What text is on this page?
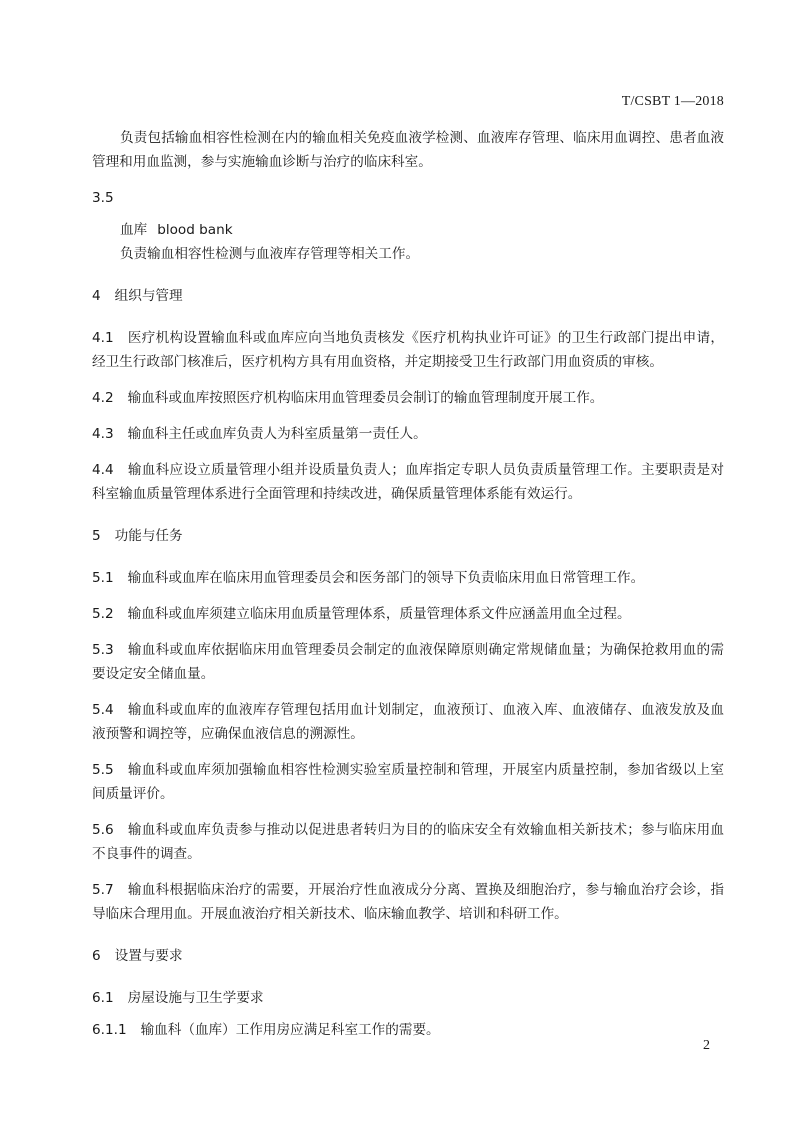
T/CSBT 1—2018

负责包括输血相容性检测在内的输血相关免疫血液学检测、血液库存管理、临床用血调控、患者血液管理和用血监测，参与实施输血诊断与治疗的临床科室。

3.5

血库 blood bank

负责输血相容性检测与血液库存管理等相关工作。

4 组织与管理

4.1 医疗机构设置输血科或血库应向当地负责核发《医疗机构执业许可证》的卫生行政部门提出申请，经卫生行政部门核准后，医疗机构方具有用血资格，并定期接受卫生行政部门用血资质的审核。

4.2 输血科或血库按照医疗机构临床用血管理委员会制订的输血管理制度开展工作。

4.3 输血科主任或血库负责人为科室质量第一责任人。

4.4 输血科应设立质量管理小组并设质量负责人；血库指定专职人员负责质量管理工作。主要职责是对科室输血质量管理体系进行全面管理和持续改进，确保质量管理体系能有效运行。

5 功能与任务

5.1 输血科或血库在临床用血管理委员会和医务部门的领导下负责临床用血日常管理工作。

5.2 输血科或血库须建立临床用血质量管理体系，质量管理体系文件应涵盖用血全过程。

5.3 输血科或血库依据临床用血管理委员会制定的血液保障原则确定常规储血量；为确保抢救用血的需要设定安全储血量。

5.4 输血科或血库的血液库存管理包括用血计划制定，血液预订、血液入库、血液储存、血液发放及血液预警和调控等，应确保血液信息的溯源性。

5.5 输血科或血库须加强输血相容性检测实验室质量控制和管理，开展室内质量控制，参加省级以上室间质量评价。

5.6 输血科或血库负责参与推动以促进患者转归为目的的临床安全有效输血相关新技术；参与临床用血不良事件的调查。

5.7 输血科根据临床治疗的需要，开展治疗性血液成分分离、置换及细胞治疗，参与输血治疗会诊，指导临床合理用血。开展血液治疗相关新技术、临床输血教学、培训和科研工作。

6 设置与要求

6.1 房屋设施与卫生学要求

6.1.1 输血科（血库）工作用房应满足科室工作的需要。

2
